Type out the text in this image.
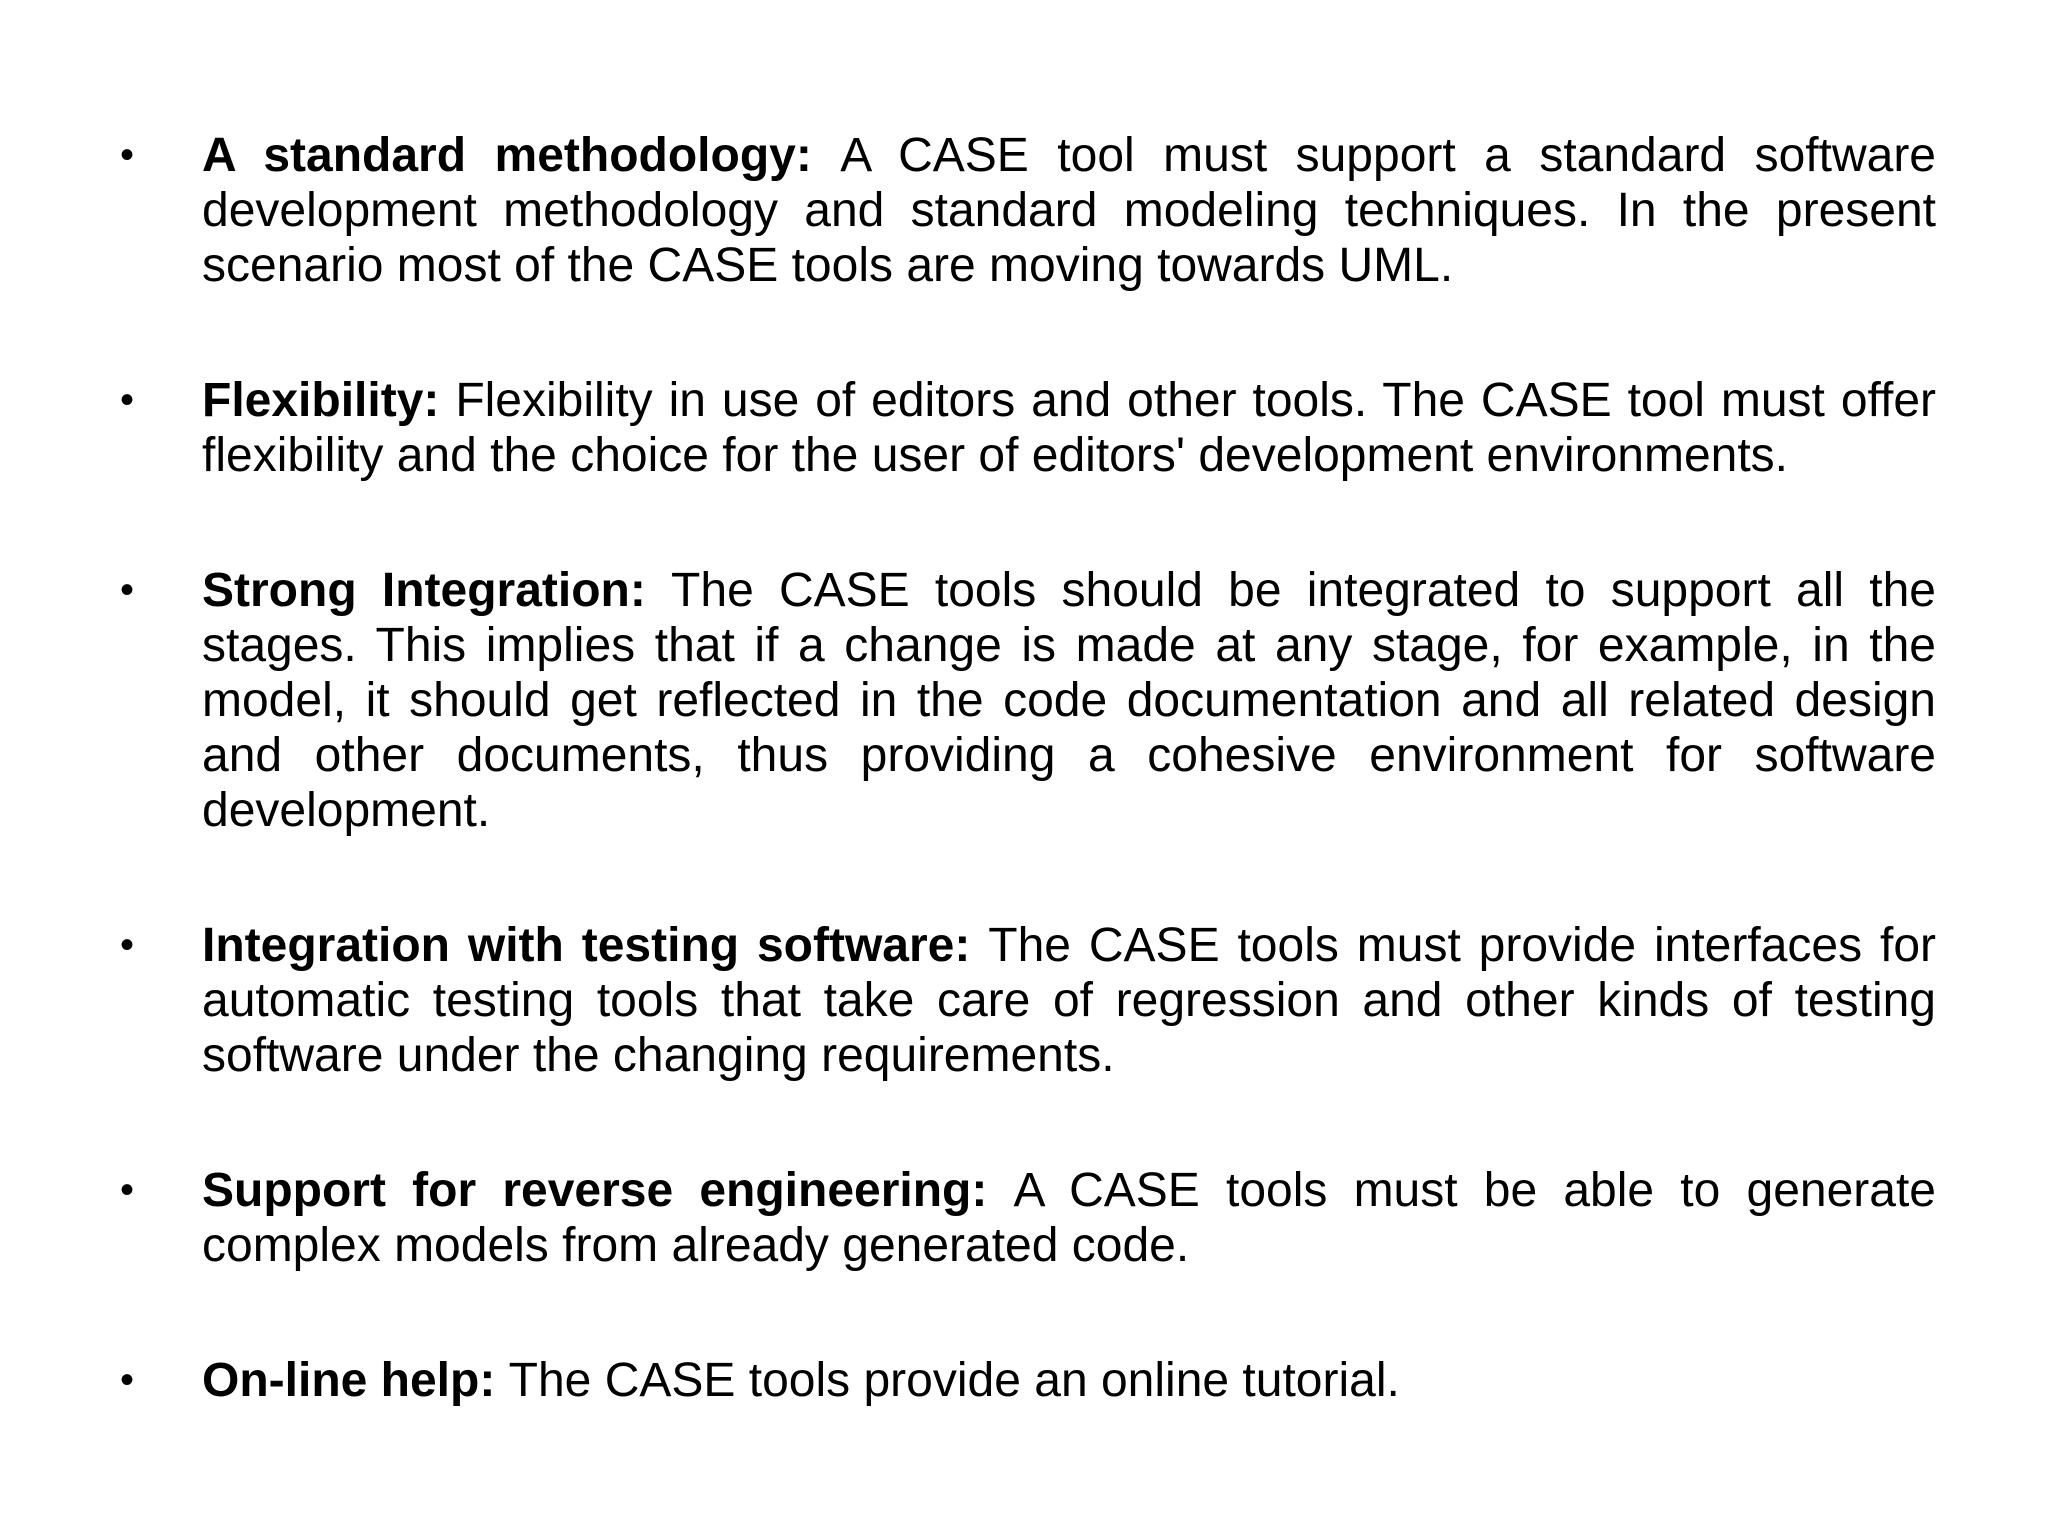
•	A standard methodology: A CASE tool must support a standard software development methodology and standard modeling techniques. In the present scenario most of the CASE tools are moving towards UML.
•	Flexibility: Flexibility in use of editors and other tools. The CASE tool must offer flexibility and the choice for the user of editors' development environments.
•	Strong Integration: The CASE tools should be integrated to support all the stages. This implies that if a change is made at any stage, for example, in the model, it should get reflected in the code documentation and all related design and other documents, thus providing a cohesive environment for software development.
•	Integration with testing software: The CASE tools must provide interfaces for automatic testing tools that take care of regression and other kinds of testing software under the changing requirements.
•	Support for reverse engineering: A CASE tools must be able to generate complex models from already generated code.
•	On-line help: The CASE tools provide an online tutorial.
